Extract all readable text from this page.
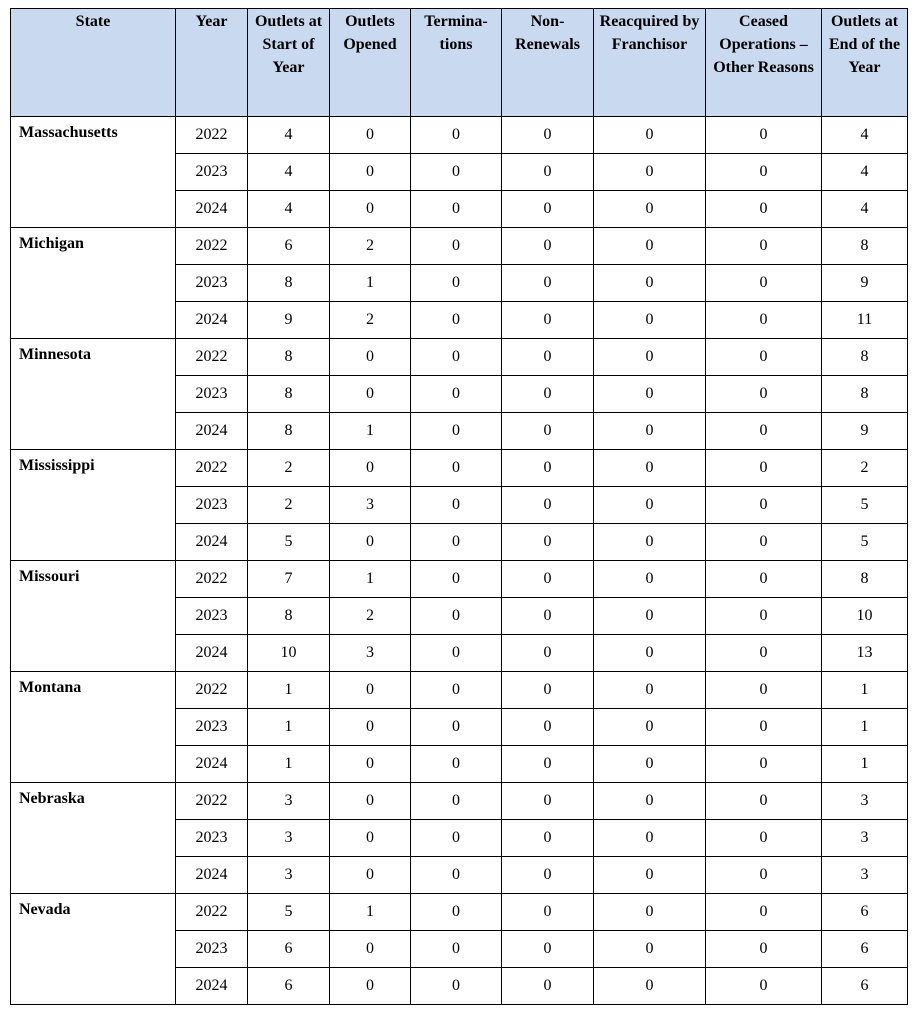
State	Year	Outlets at Start of Year	Outlets Opened	Termina-tions	Non-Renewals	Reacquired by Franchisor	Ceased Operations – Other Reasons	Outlets at End of the Year
Massachusetts	2022	4	0	0	0	0	0	4
	2023	4	0	0	0	0	0	4
	2024	4	0	0	0	0	0	4
Michigan	2022	6	2	0	0	0	0	8
	2023	8	1	0	0	0	0	9
	2024	9	2	0	0	0	0	11
Minnesota	2022	8	0	0	0	0	0	8
	2023	8	0	0	0	0	0	8
	2024	8	1	0	0	0	0	9
Mississippi	2022	2	0	0	0	0	0	2
	2023	2	3	0	0	0	0	5
	2024	5	0	0	0	0	0	5
Missouri	2022	7	1	0	0	0	0	8
	2023	8	2	0	0	0	0	10
	2024	10	3	0	0	0	0	13
Montana	2022	1	0	0	0	0	0	1
	2023	1	0	0	0	0	0	1
	2024	1	0	0	0	0	0	1
Nebraska	2022	3	0	0	0	0	0	3
	2023	3	0	0	0	0	0	3
	2024	3	0	0	0	0	0	3
Nevada	2022	5	1	0	0	0	0	6
	2023	6	0	0	0	0	0	6
	2024	6	0	0	0	0	0	6
